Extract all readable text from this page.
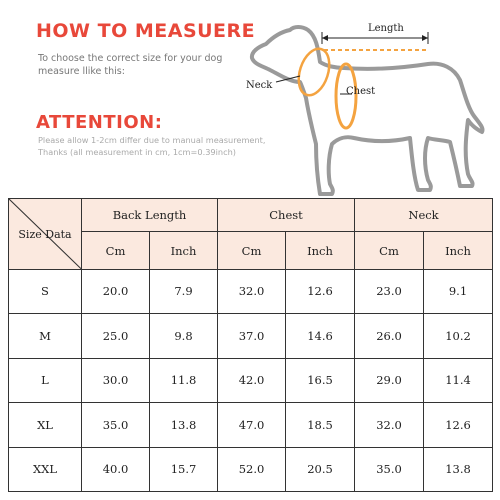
HOW TO MEASUERE
To choose the correct size for your dog
measure llike this:
ATTENTION:
Please allow 1-2cm differ due to manual measurement,
Thanks (all measurement in cm, 1cm=0.39inch)
Length
Neck
Chest
Size Data	Back Length		Chest		Neck	
	Cm	Inch	Cm	Inch	Cm	Inch
S	20.0	7.9	32.0	12.6	23.0	9.1
M	25.0	9.8	37.0	14.6	26.0	10.2
L	30.0	11.8	42.0	16.5	29.0	11.4
XL	35.0	13.8	47.0	18.5	32.0	12.6
XXL	40.0	15.7	52.0	20.5	35.0	13.8
